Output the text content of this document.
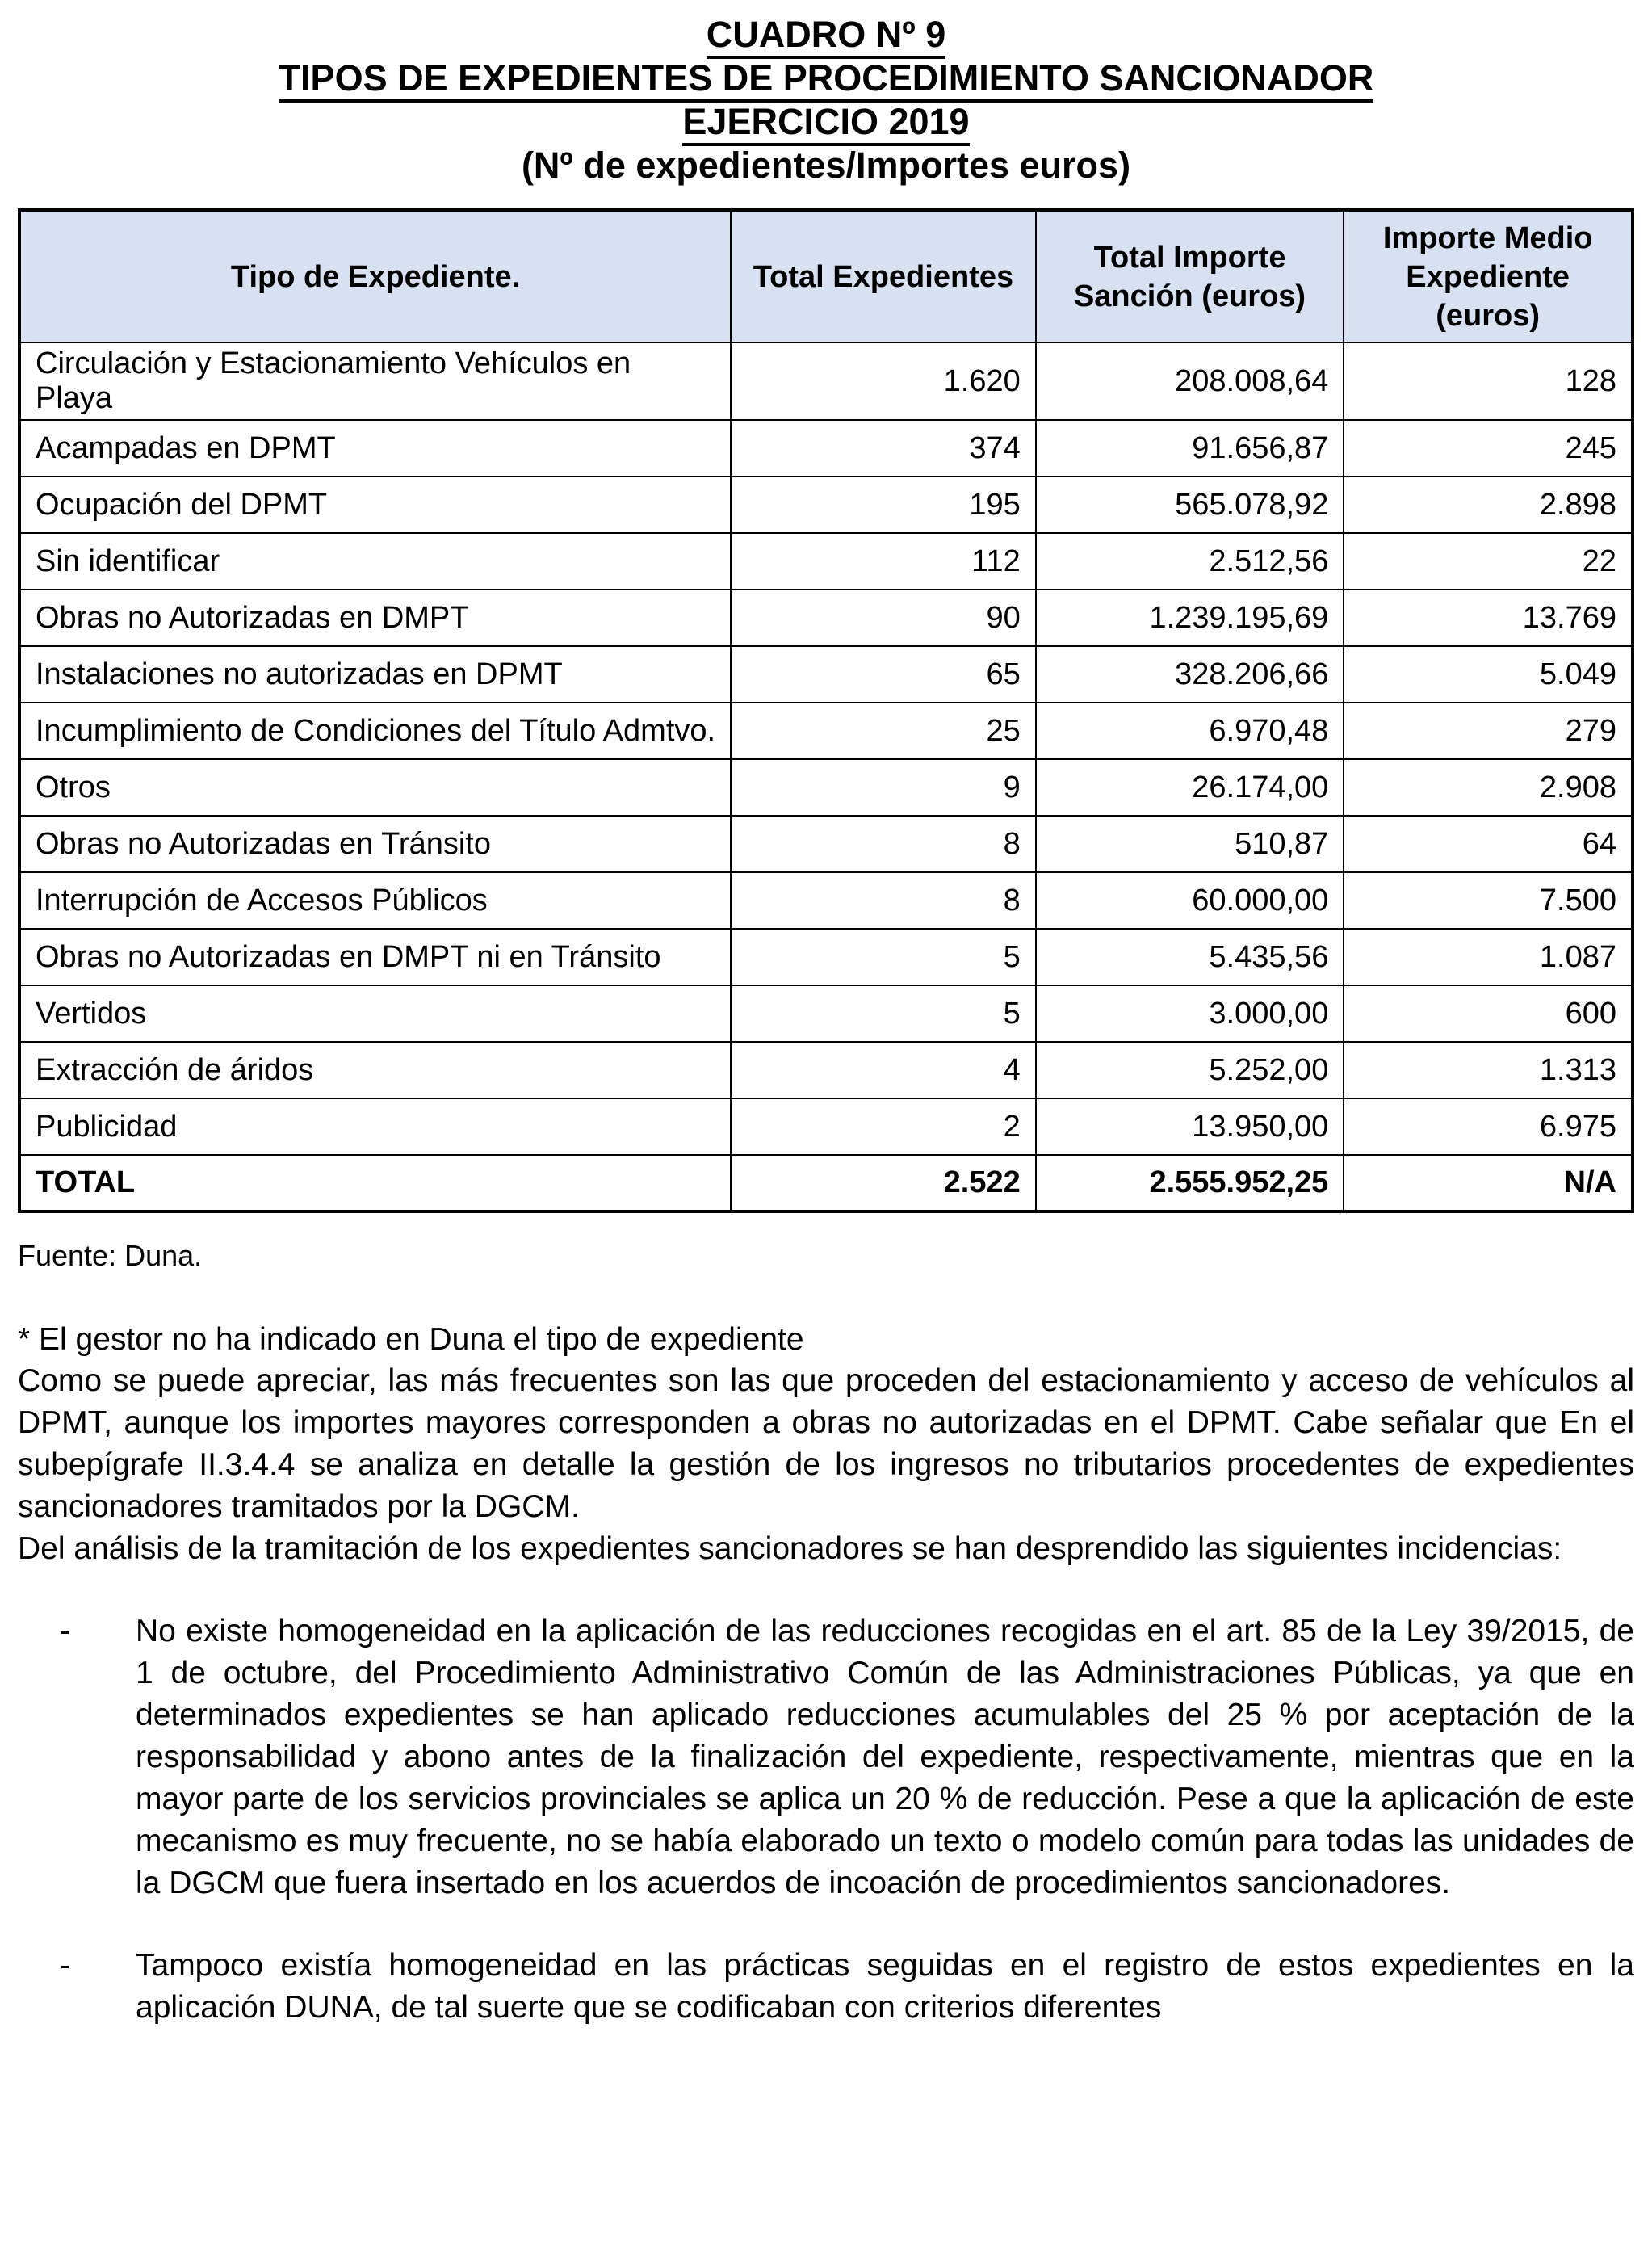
CUADRO Nº 9
TIPOS DE EXPEDIENTES DE PROCEDIMIENTO SANCIONADOR
EJERCICIO 2019
(Nº de expedientes/Importes euros)
Tipo de Expediente.	Total Expedientes	Total Importe Sanción (euros)	Importe Medio Expediente (euros)
Circulación y Estacionamiento Vehículos en Playa	1.620	208.008,64	128
Acampadas en DPMT	374	91.656,87	245
Ocupación del DPMT	195	565.078,92	2.898
Sin identificar	112	2.512,56	22
Obras no Autorizadas en DMPT	90	1.239.195,69	13.769
Instalaciones no autorizadas en DPMT	65	328.206,66	5.049
Incumplimiento de Condiciones del Título Admtvo.	25	6.970,48	279
Otros	9	26.174,00	2.908
Obras no Autorizadas en Tránsito	8	510,87	64
Interrupción de Accesos Públicos	8	60.000,00	7.500
Obras no Autorizadas en DMPT ni en Tránsito	5	5.435,56	1.087
Vertidos	5	3.000,00	600
Extracción de áridos	4	5.252,00	1.313
Publicidad	2	13.950,00	6.975
TOTAL	2.522	2.555.952,25	N/A
Fuente: Duna.
* El gestor no ha indicado en Duna el tipo de expediente

Como se puede apreciar, las más frecuentes son las que proceden del estacionamiento y acceso de vehículos al DPMT, aunque los importes mayores corresponden a obras no autorizadas en el DPMT. Cabe señalar que En el subepígrafe II.3.4.4 se analiza en detalle la gestión de los ingresos no tributarios procedentes de expedientes sancionadores tramitados por la DGCM.

Del análisis de la tramitación de los expedientes sancionadores se han desprendido las siguientes incidencias:

-	No existe homogeneidad en la aplicación de las reducciones recogidas en el art. 85 de la Ley 39/2015, de 1 de octubre, del Procedimiento Administrativo Común de las Administraciones Públicas, ya que en determinados expedientes se han aplicado reducciones acumulables del 25 % por aceptación de la responsabilidad y abono antes de la finalización del expediente, respectivamente, mientras que en la mayor parte de los servicios provinciales se aplica un 20 % de reducción. Pese a que la aplicación de este mecanismo es muy frecuente, no se había elaborado un texto o modelo común para todas las unidades de la DGCM que fuera insertado en los acuerdos de incoación de procedimientos sancionadores.
-	Tampoco existía homogeneidad en las prácticas seguidas en el registro de estos expedientes en la aplicación DUNA, de tal suerte que se codificaban con criterios diferentes
